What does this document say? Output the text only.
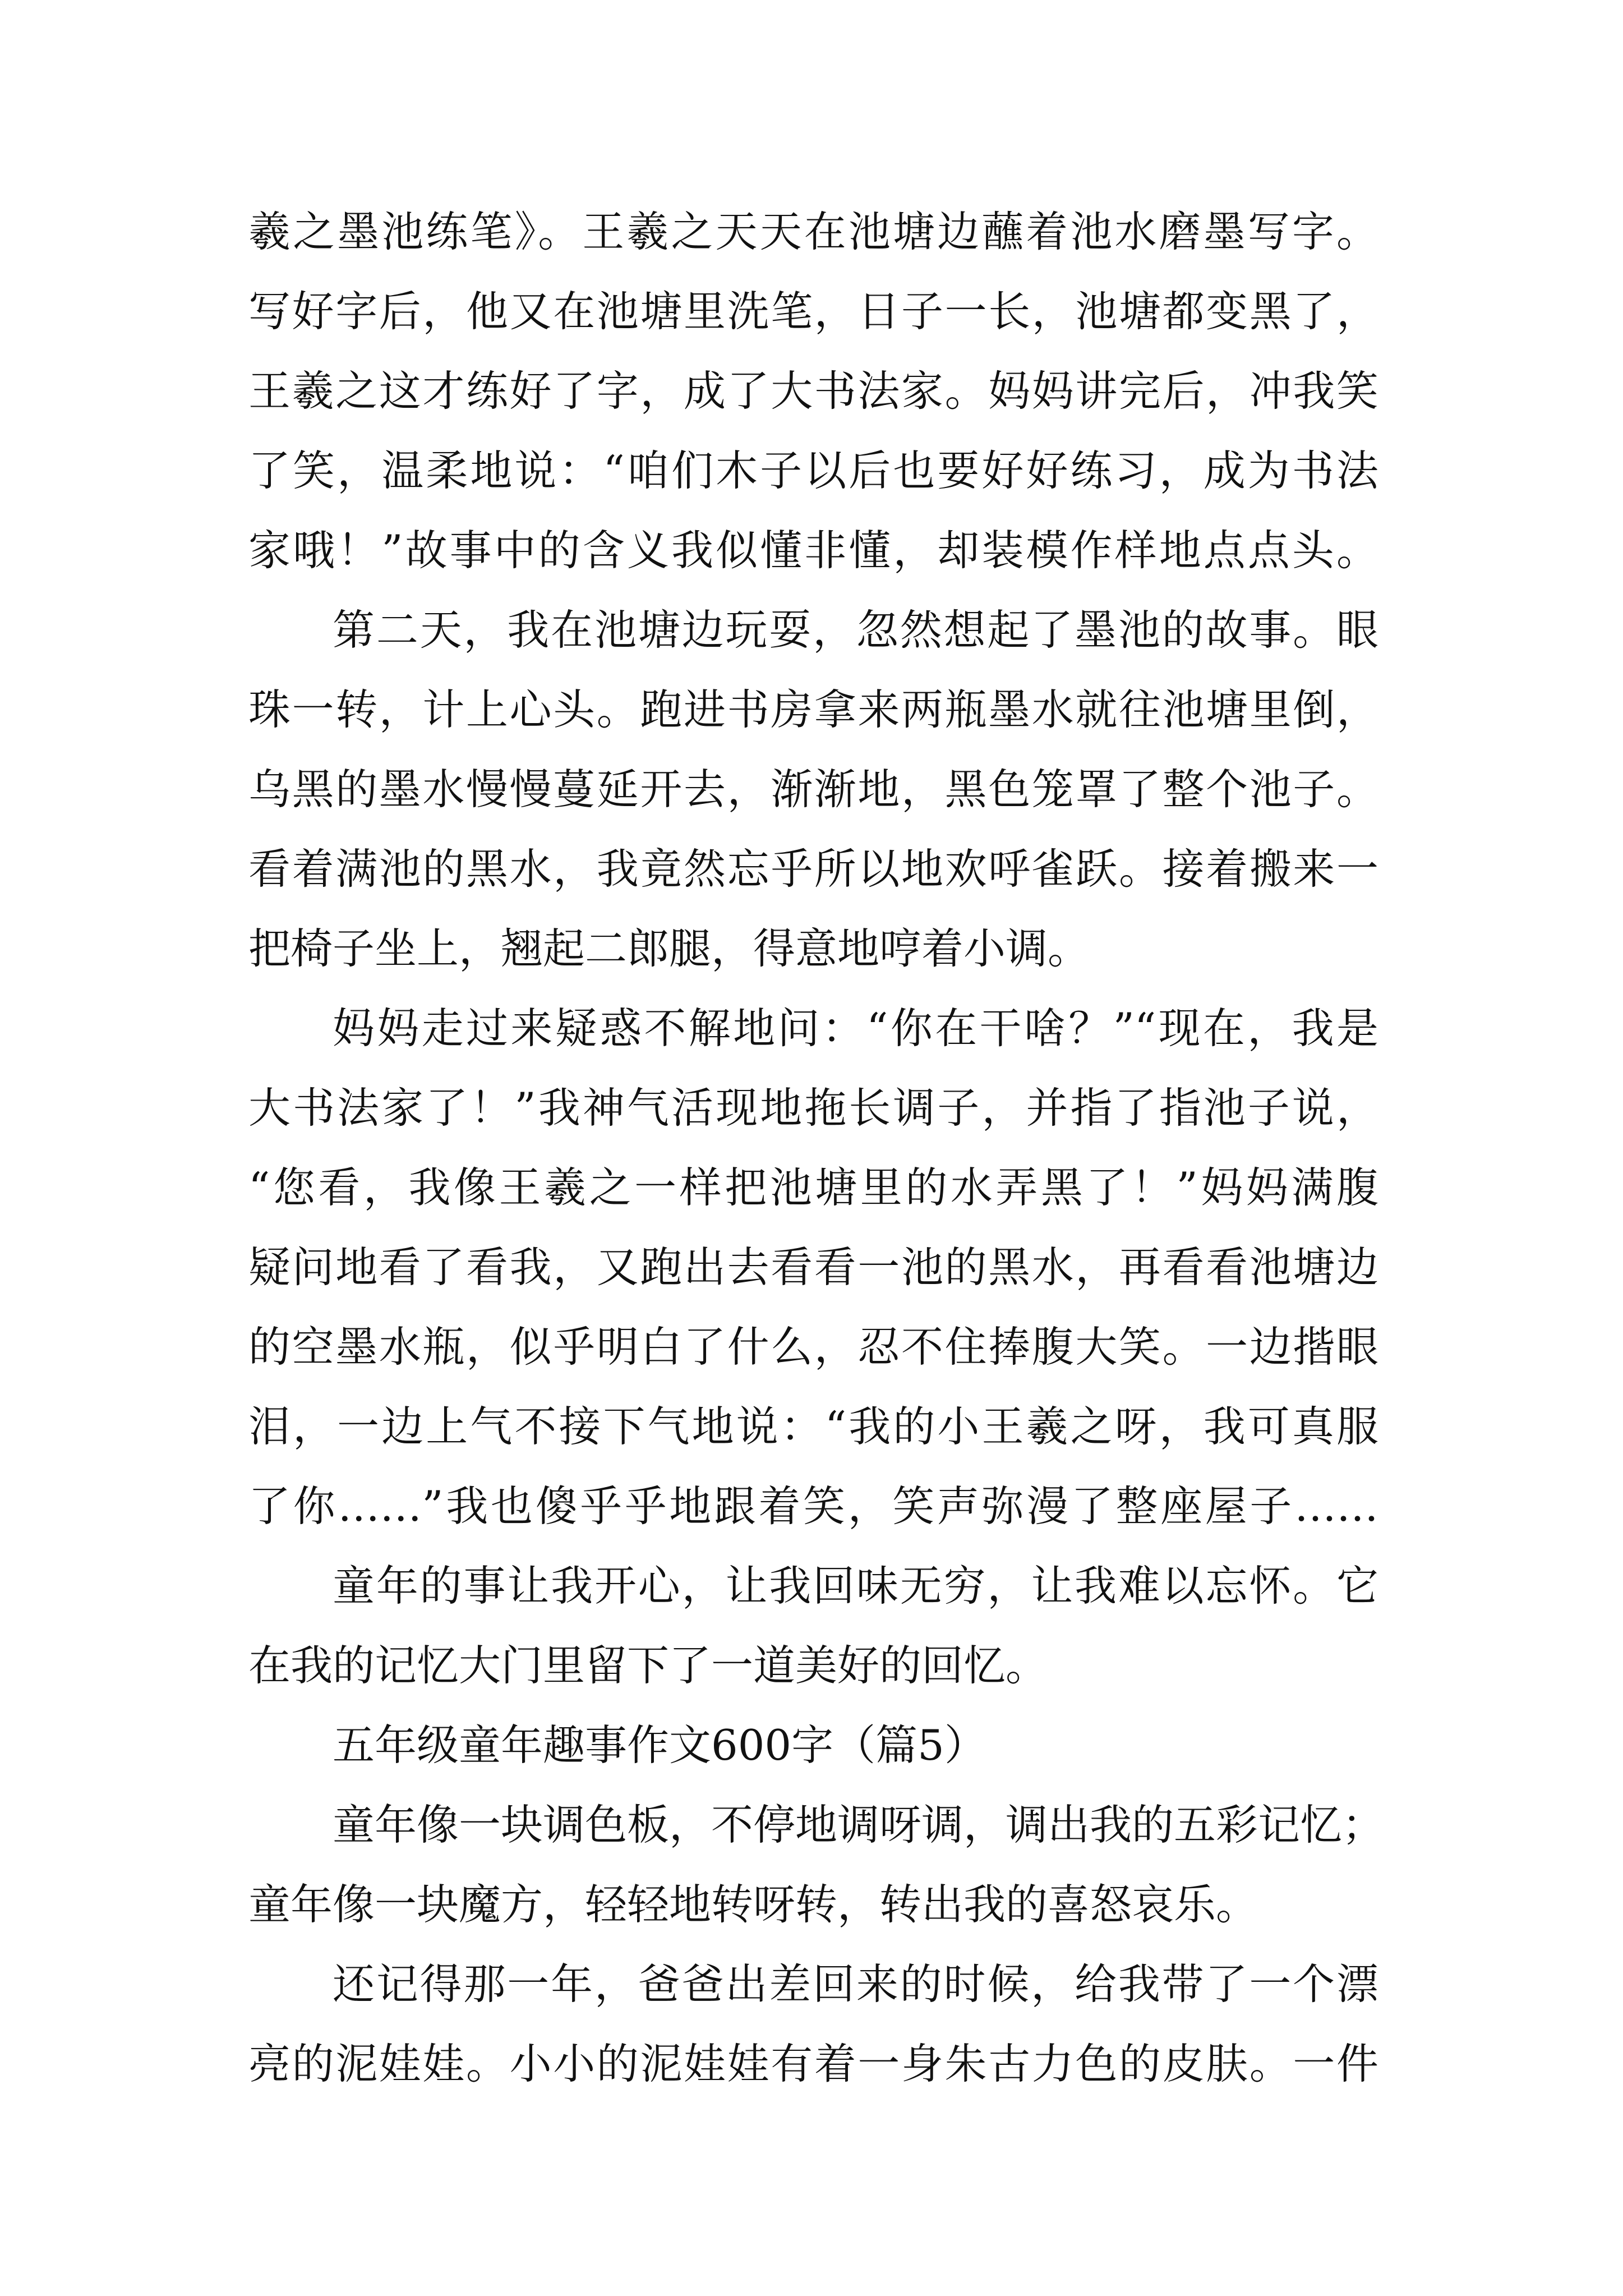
羲之墨池练笔》。王羲之天天在池塘边蘸着池水磨墨写字。
写好字后，他又在池塘里洗笔，日子一长，池塘都变黑了，
王羲之这才练好了字，成了大书法家。妈妈讲完后，冲我笑
了笑，温柔地说：“咱们木子以后也要好好练习，成为书法
家哦！”故事中的含义我似懂非懂，却装模作样地点点头。
第二天，我在池塘边玩耍，忽然想起了墨池的故事。眼
珠一转，计上心头。跑进书房拿来两瓶墨水就往池塘里倒，
乌黑的墨水慢慢蔓延开去，渐渐地，黑色笼罩了整个池子。
看着满池的黑水，我竟然忘乎所以地欢呼雀跃。接着搬来一
把椅子坐上，翘起二郎腿，得意地哼着小调。
妈妈走过来疑惑不解地问：“你在干啥？”“现在，我是
大书法家了！”我神气活现地拖长调子，并指了指池子说，
“您看，我像王羲之一样把池塘里的水弄黑了！”妈妈满腹
疑问地看了看我，又跑出去看看一池的黑水，再看看池塘边
的空墨水瓶，似乎明白了什么，忍不住捧腹大笑。一边揩眼
泪，一边上气不接下气地说：“我的小王羲之呀，我可真服
了你……”我也傻乎乎地跟着笑，笑声弥漫了整座屋子……
童年的事让我开心，让我回味无穷，让我难以忘怀。它
在我的记忆大门里留下了一道美好的回忆。
五年级童年趣事作文600字（篇5）
童年像一块调色板，不停地调呀调，调出我的五彩记忆；
童年像一块魔方，轻轻地转呀转，转出我的喜怒哀乐。
还记得那一年，爸爸出差回来的时候，给我带了一个漂
亮的泥娃娃。小小的泥娃娃有着一身朱古力色的皮肤。一件
